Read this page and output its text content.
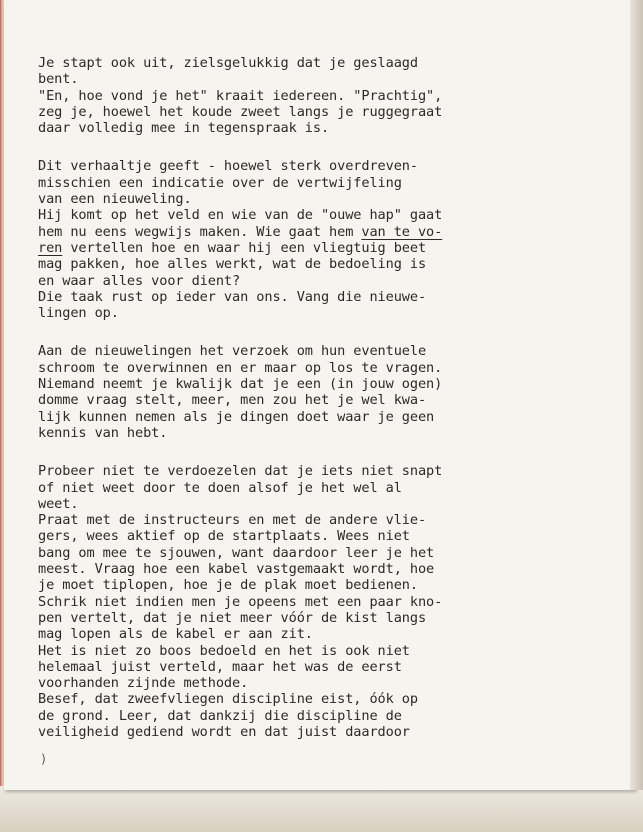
Je stapt ook uit, zielsgelukkig dat je geslaagd
bent.
"En, hoe vond je het" kraait iedereen. "Prachtig",
zeg je, hoewel het koude zweet langs je ruggegraat
daar volledig mee in tegenspraak is.
Dit verhaaltje geeft - hoewel sterk overdreven-
misschien een indicatie over de vertwijfeling
van een nieuweling.
Hij komt op het veld en wie van de "ouwe hap" gaat
hem nu eens wegwijs maken. Wie gaat hem van te vo-
ren vertellen hoe en waar hij een vliegtuig beet
mag pakken, hoe alles werkt, wat de bedoeling is
en waar alles voor dient?
Die taak rust op ieder van ons. Vang die nieuwe-
lingen op.
Aan de nieuwelingen het verzoek om hun eventuele
schroom te overwinnen en er maar op los te vragen.
Niemand neemt je kwalijk dat je een (in jouw ogen)
domme vraag stelt, meer, men zou het je wel kwa-
lijk kunnen nemen als je dingen doet waar je geen
kennis van hebt.
Probeer niet te verdoezelen dat je iets niet snapt
of niet weet door te doen alsof je het wel al
weet.
Praat met de instructeurs en met de andere vlie-
gers, wees aktief op de startplaats. Wees niet
bang om mee te sjouwen, want daardoor leer je het
meest. Vraag hoe een kabel vastgemaakt wordt, hoe
je moet tiplopen, hoe je de plak moet bedienen.
Schrik niet indien men je opeens met een paar kno-
pen vertelt, dat je niet meer vóór de kist langs
mag lopen als de kabel er aan zit.
Het is niet zo boos bedoeld en het is ook niet
helemaal juist verteld, maar het was de eerst
voorhanden zijnde methode.
Besef, dat zweefvliegen discipline eist, óók op
de grond. Leer, dat dankzij die discipline de
veiligheid gediend wordt en dat juist daardoor
)
